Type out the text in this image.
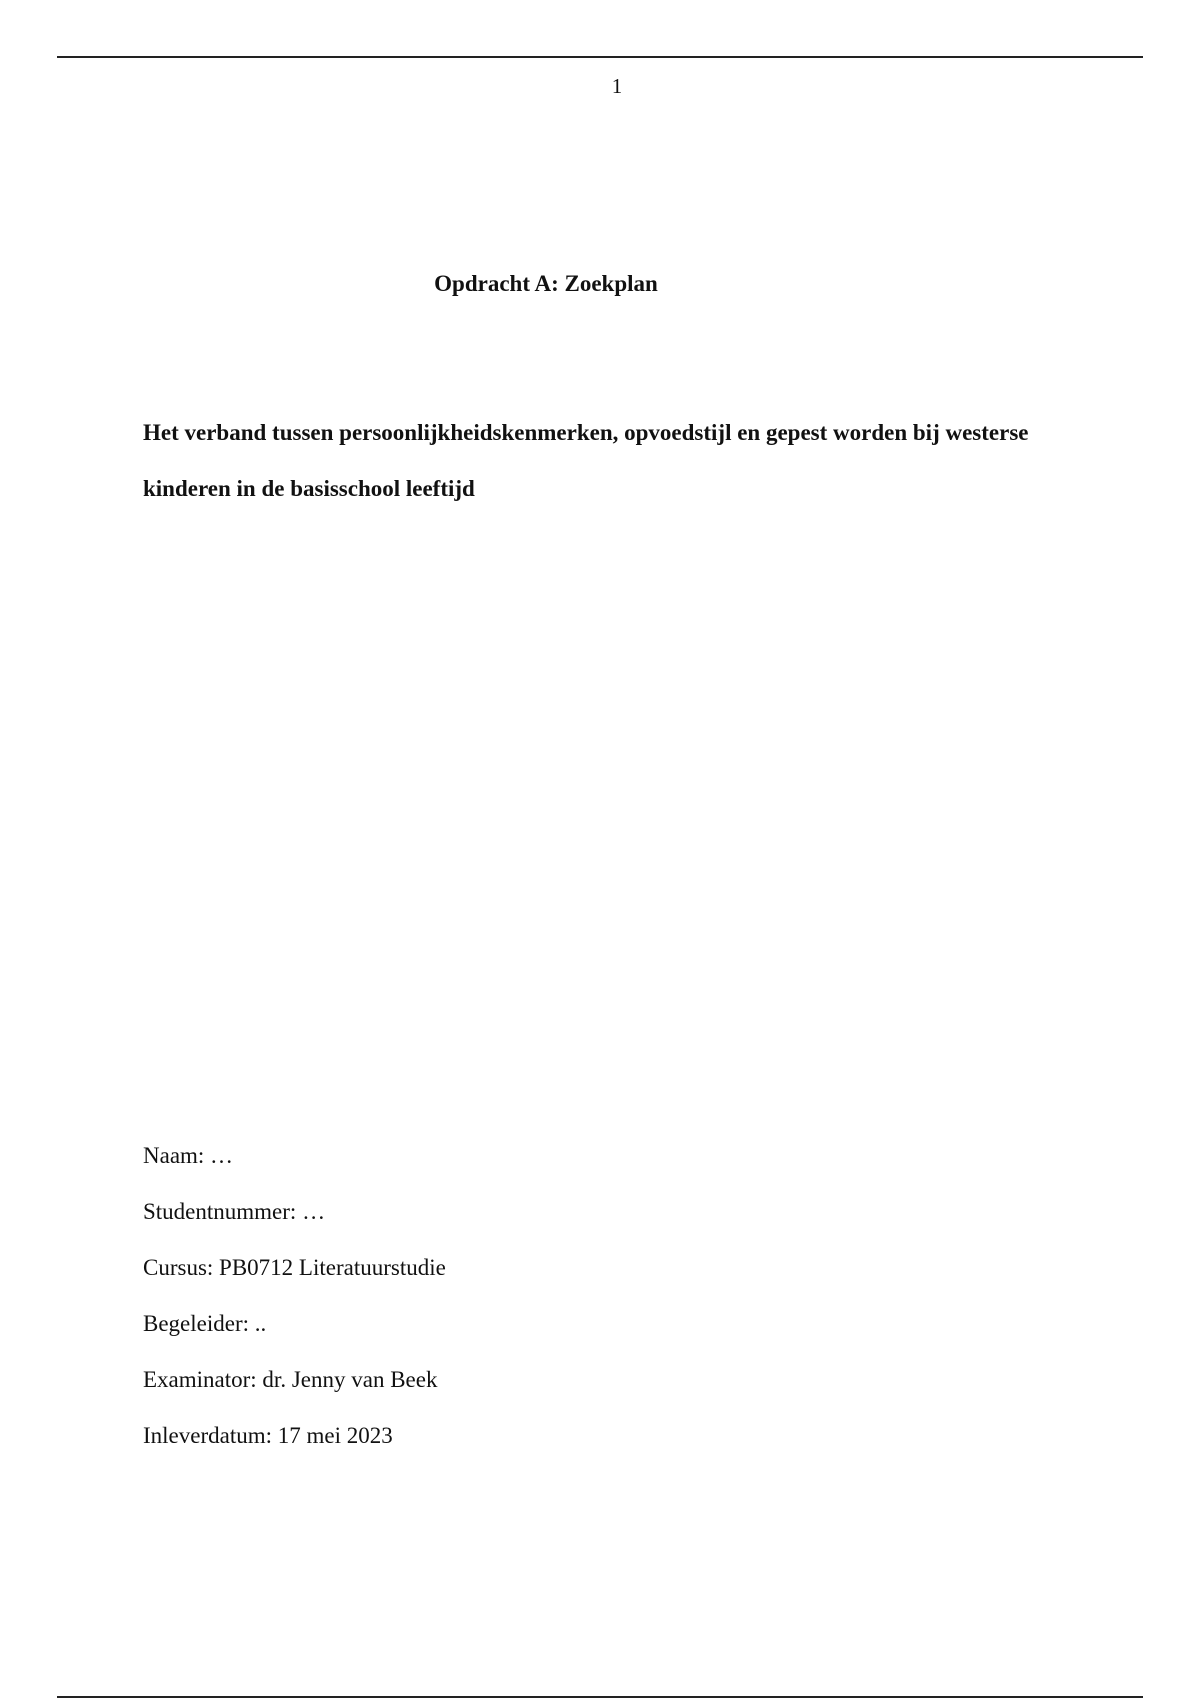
1
Opdracht A: Zoekplan

Het verband tussen persoonlijkheidskenmerken, opvoedstijl en gepest worden bij westerse kinderen in de basisschool leeftijd

Naam: …
Studentnummer: …
Cursus: PB0712 Literatuurstudie
Begeleider: ..
Examinator: dr. Jenny van Beek
Inleverdatum: 17 mei 2023
